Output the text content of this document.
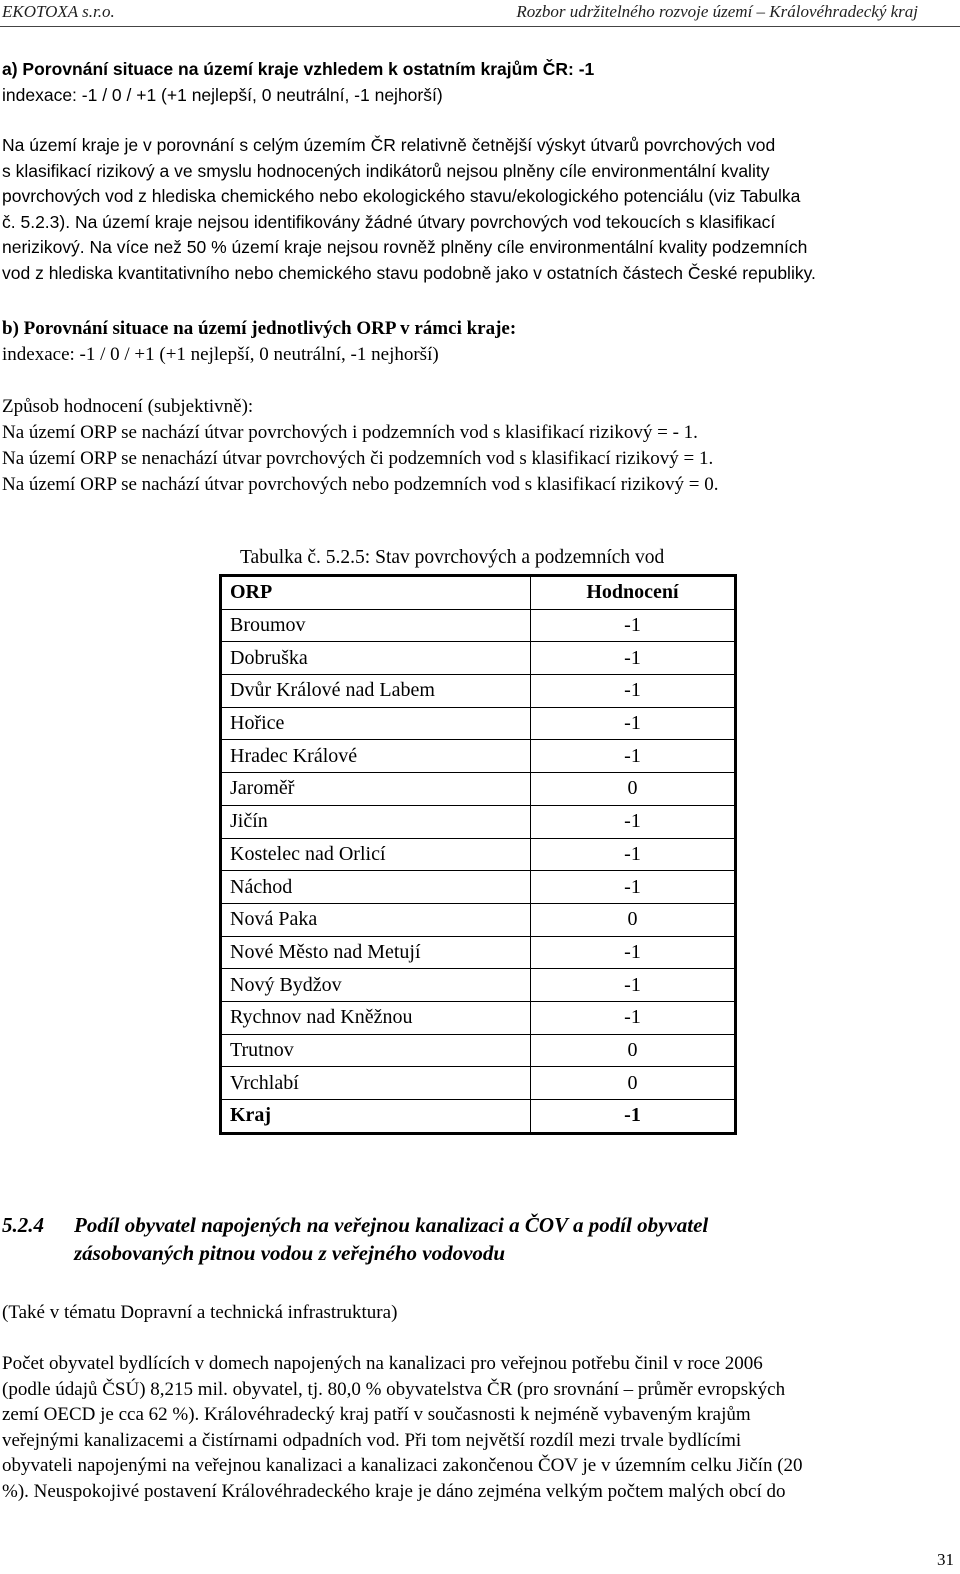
EKOTOXA s.r.o.	Rozbor udržitelného rozvoje území – Královéhradecký kraj
a) Porovnání situace na území kraje vzhledem k ostatním krajům ČR: -1
indexace: -1 / 0 / +1 (+1 nejlepší, 0 neutrální, -1 nejhorší)
Na území kraje je v porovnání s celým územím ČR relativně četnější výskyt útvarů povrchových vod
s klasifikací rizikový a ve smyslu hodnocených indikátorů nejsou plněny cíle environmentální kvality
povrchových vod z hlediska chemického nebo ekologického stavu/ekologického potenciálu (viz Tabulka
č. 5.2.3). Na území kraje nejsou identifikovány žádné útvary povrchových vod tekoucích s klasifikací
nerizikový. Na více než 50 % území kraje nejsou rovněž plněny cíle environmentální kvality podzemních
vod z hlediska kvantitativního nebo chemického stavu podobně jako v ostatních částech České republiky.
b) Porovnání situace na území jednotlivých ORP v rámci kraje:
indexace: -1 / 0 / +1 (+1 nejlepší, 0 neutrální, -1 nejhorší)
Způsob hodnocení (subjektivně):
Na území ORP se nachází útvar povrchových i podzemních vod s klasifikací rizikový = - 1.
Na území ORP se nenachází útvar povrchových či podzemních vod s klasifikací rizikový = 1.
Na území ORP se nachází útvar povrchových nebo podzemních vod s klasifikací rizikový = 0.
Tabulka č. 5.2.5: Stav povrchových a podzemních vod
ORP	Hodnocení
Broumov	-1
Dobruška	-1
Dvůr Králové nad Labem	-1
Hořice	-1
Hradec Králové	-1
Jaroměř	0
Jičín	-1
Kostelec nad Orlicí	-1
Náchod	-1
Nová Paka	0
Nové Město nad Metují	-1
Nový Bydžov	-1
Rychnov nad Kněžnou	-1
Trutnov	0
Vrchlabí	0
Kraj	-1
5.2.4 Podíl obyvatel napojených na veřejnou kanalizaci a ČOV a podíl obyvatel
zásobovaných pitnou vodou z veřejného vodovodu
(Také v tématu Dopravní a technická infrastruktura)
Počet obyvatel bydlících v domech napojených na kanalizaci pro veřejnou potřebu činil v roce 2006
(podle údajů ČSÚ) 8,215 mil. obyvatel, tj. 80,0 % obyvatelstva ČR (pro srovnání – průměr evropských
zemí OECD je cca 62 %). Královéhradecký kraj patří v současnosti k nejméně vybaveným krajům
veřejnými kanalizacemi a čistírnami odpadních vod. Při tom největší rozdíl mezi trvale bydlícími
obyvateli napojenými na veřejnou kanalizaci a kanalizaci zakončenou ČOV je v územním celku Jičín (20
%). Neuspokojivé postavení Královéhradeckého kraje je dáno zejména velkým počtem malých obcí do
31
